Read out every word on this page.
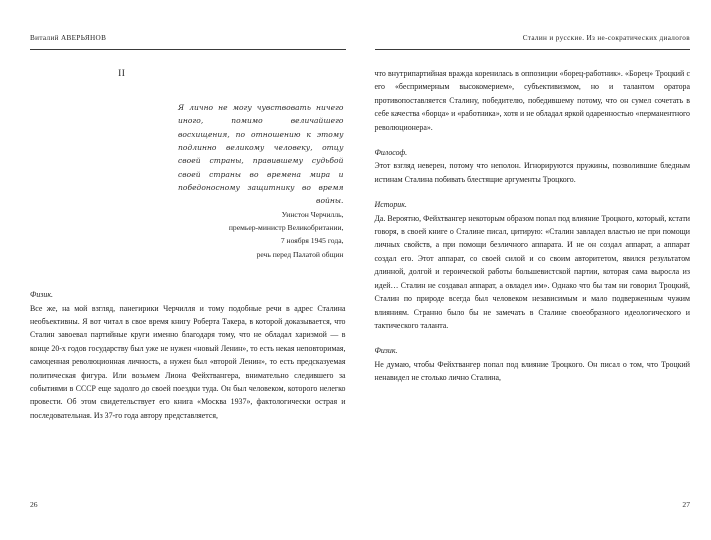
Виталий АВЕРЬЯНОВ
II
Я лично не могу чувствовать ничего иного, помимо величайшего восхищения, по отношению к этому подлинно великому человеку, отцу своей страны, правившему судьбой своей страны во времена мира и победоносному защитнику во время войны.
Уинстон Черчилль,
премьер-министр Великобритании,
7 ноября 1945 года,
речь перед Палатой общин
Физик.

Все же, на мой взгляд, панегирики Черчилля и тому подобные речи в адрес Сталина необъективны. Я вот читал в свое время книгу Роберта Такера, в которой доказывается, что Сталин завоевал партийные круги именно благодаря тому, что не обладал харизмой — в конце 20-х годов государству был уже не нужен «новый Ленин», то есть некая неповторимая, самоценная революционная личность, а нужен был «второй Ленин», то есть предсказуемая политическая фигура. Или возьмем Лиона Фейхтвангера, внимательно следившего за событиями в СССР еще задолго до своей поездки туда. Он был человеком, которого нелегко провести. Об этом свидетельствует его книга «Москва 1937», фактологически острая и последовательная. Из 37-го года автору представляется,

26
Сталин и русские. Из не-сократических диалогов

что внутрипартийная вражда коренилась в оппозиции «борец-работник». «Борец» Троцкий с его «беспримерным высокомерием», субъективизмом, но и талантом оратора противопоставляется Сталину, победителю, победившему потому, что он сумел сочетать в себе качества «борца» и «работника», хотя и не обладал яркой одаренностью «перманентного революционера».

Философ.

Этот взгляд неверен, потому что неполон. Игнорируются пружины, позволившие бледным истинам Сталина побивать блестящие аргументы Троцкого.

Историк.

Да. Вероятно, Фейхтвангер некоторым образом попал под влияние Троцкого, который, кстати говоря, в своей книге о Сталине писал, цитирую: «Сталин завладел властью не при помощи личных свойств, а при помощи безличного аппарата. И не он создал аппарат, а аппарат создал его. Этот аппарат, со своей силой и со своим авторитетом, явился результатом длинной, долгой и героической работы большевистской партии, которая сама выросла из идей… Сталин не создавал аппарат, а овладел им». Однако что бы там ни говорил Троцкий, Сталин по природе всегда был человеком независимым и мало подверженным чужим влияниям. Странно было бы не замечать в Сталине своеобразного идеологического и тактического таланта.

Физик.

Не думаю, чтобы Фейхтвангер попал под влияние Троцкого. Он писал о том, что Троцкий ненавидел не столько лично Сталина,

27
